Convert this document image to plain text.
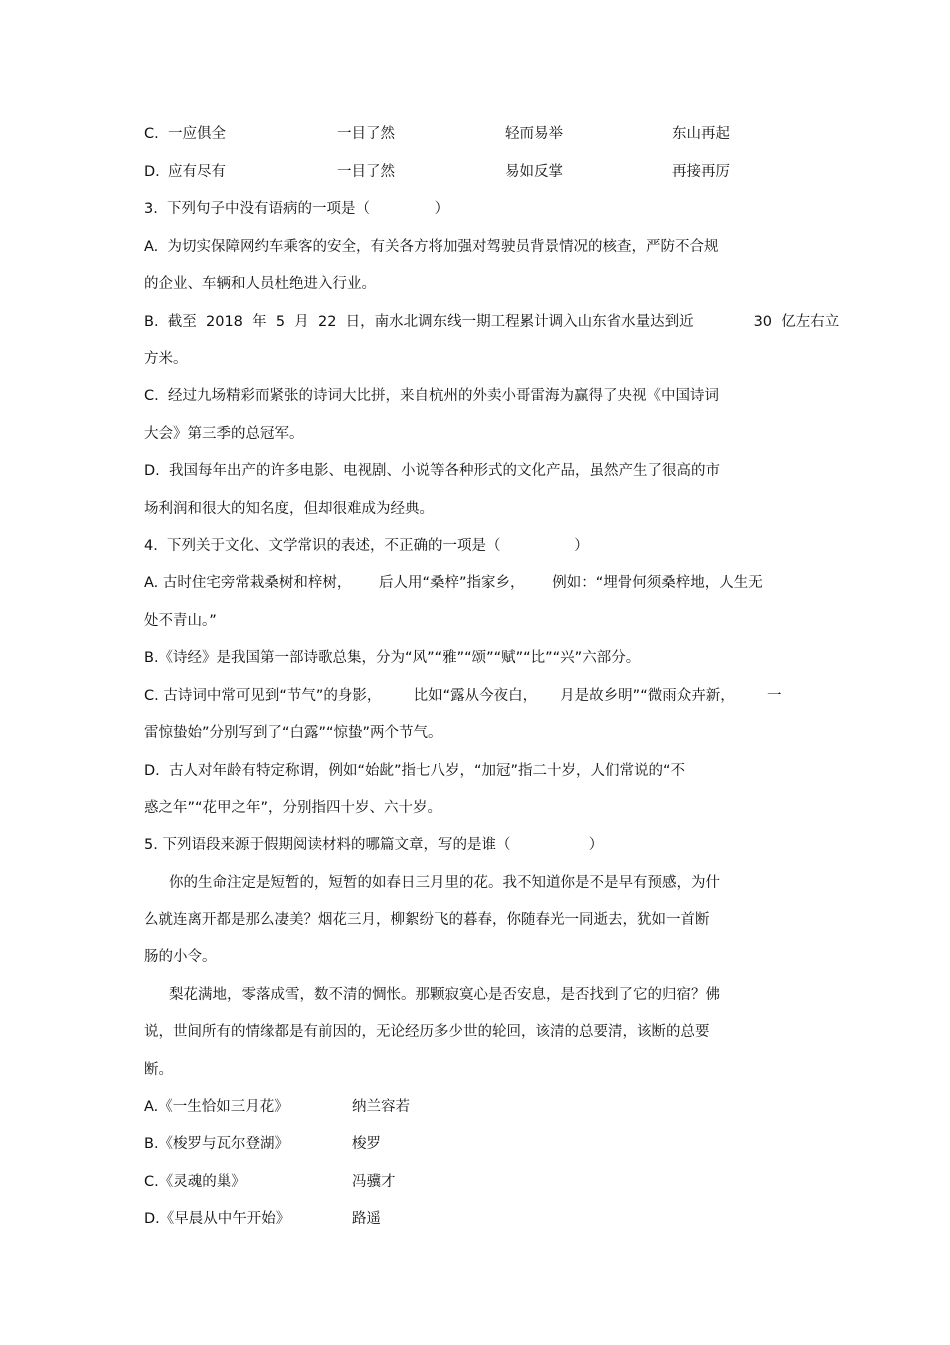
C. 一应俱全	一目了然	轻而易举	东山再起
D. 应有尽有	一目了然	易如反掌	再接再厉
3.  下列句子中没有语病的一项是（              ）
A.  为切实保障网约车乘客的安全，有关各方将加强对驾驶员背景情况的核查，严防不合规
的企业、车辆和人员杜绝进入行业。
B.  截至  2018  年  5  月  22  日，南水北调东线一期工程累计调入山东省水量达到近             30  亿左右立
方米。
C.  经过九场精彩而紧张的诗词大比拼，来自杭州的外卖小哥雷海为赢得了央视《中国诗词
大会》第三季的总冠军。
D.  我国每年出产的许多电影、电视剧、小说等各种形式的文化产品，虽然产生了很高的市
场利润和很大的知名度，但却很难成为经典。
4.  下列关于文化、文学常识的表述，不正确的一项是（                ）
A. 古时住宅旁常栽桑树和梓树，      后人用“桑梓”指家乡，      例如：“埋骨何须桑梓地，人生无
处不青山。”
B.《诗经》是我国第一部诗歌总集，分为“风”“雅”“颂”“赋”“比”“兴”六部分。
C. 古诗词中常可见到“节气”的身影，       比如“露从今夜白，     月是故乡明”“微雨众卉新，       一
雷惊蛰始”分别写到了“白露”“惊蛰”两个节气。
D.  古人对年龄有特定称谓，例如“始龀”指七八岁，“加冠”指二十岁，人们常说的“不
惑之年”“花甲之年”，分别指四十岁、六十岁。
5. 下列语段来源于假期阅读材料的哪篇文章，写的是谁（                 ）
你的生命注定是短暂的，短暂的如春日三月里的花。我不知道你是不是早有预感，为什
么就连离开都是那么凄美？烟花三月，柳絮纷飞的暮春，你随春光一同逝去，犹如一首断
肠的小令。
梨花满地，零落成雪，数不清的惆怅。那颗寂寞心是否安息，是否找到了它的归宿？佛
说，世间所有的情缘都是有前因的，无论经历多少世的轮回，该清的总要清，该断的总要
断。
A.《一生恰如三月花》	纳兰容若
B.《梭罗与瓦尔登湖》	梭罗
C.《灵魂的巢》	冯骥才
D.《早晨从中午开始》	路遥
